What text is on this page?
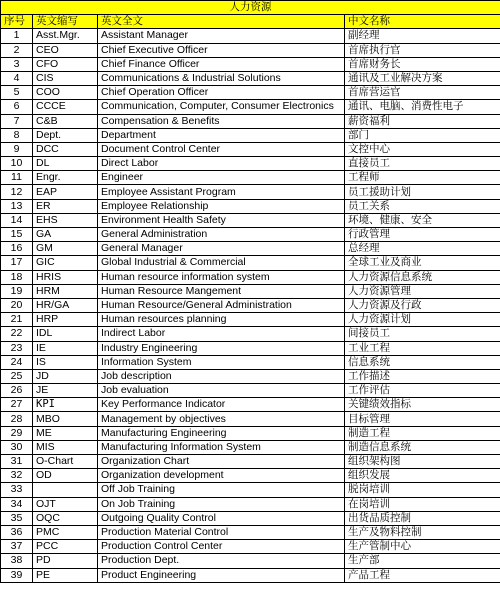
人力资源			
序号	英文缩写	英文全文	中文名称
1	Asst.Mgr.	Assistant Manager	副经理
2	CEO	Chief Executive Officer	首席执行官
3	CFO	Chief Finance Officer	首席财务长
4	CIS	Communications & Industrial Solutions	通讯及工业解决方案
5	COO	Chief Operation Officer	首席营运官
6	CCCE	Communication, Computer, Consumer Electronics	通讯、电脑、消费性电子
7	C&B	Compensation & Benefits	薪资福利
8	Dept.	Department	部门
9	DCC	Document Control Center	文控中心
10	DL	Direct Labor	直接员工
11	Engr.	Engineer	工程师
12	EAP	Employee Assistant Program	员工援助计划
13	ER	Employee Relationship	员工关系
14	EHS	Environment Health Safety	环境、健康、安全
15	GA	General Administration	行政管理
16	GM	General Manager	总经理
17	GIC	Global Industrial & Commercial	全球工业及商业
18	HRIS	Human resource information system	人力资源信息系统
19	HRM	Human Resource Mangement	人力资源管理
20	HR/GA	Human Resource/General Administration	人力资源及行政
21	HRP	Human resources planning	人力资源计划
22	IDL	Indirect Labor	间接员工
23	IE	Industry Engineering	工业工程
24	IS	Information System	信息系统
25	JD	Job description	工作描述
26	JE	Job evaluation	工作评估
27	KPI	Key Performance Indicator	关键绩效指标
28	MBO	Management by objectives	目标管理
29	ME	Manufacturing Engineering	制造工程
30	MIS	Manufacturing Information System	制造信息系统
31	O-Chart	Organization Chart	组织架构图
32	OD	Organization development	组织发展
33		Off Job Training	脱岗培训
34	OJT	On Job Training	在岗培训
35	OQC	Outgoing Quality Control	出货品质控制
36	PMC	Production Material Control	生产及物料控制
37	PCC	Production Control Center	生产管制中心
38	PD	Production Dept.	生产部
39	PE	Product Engineering	产品工程
